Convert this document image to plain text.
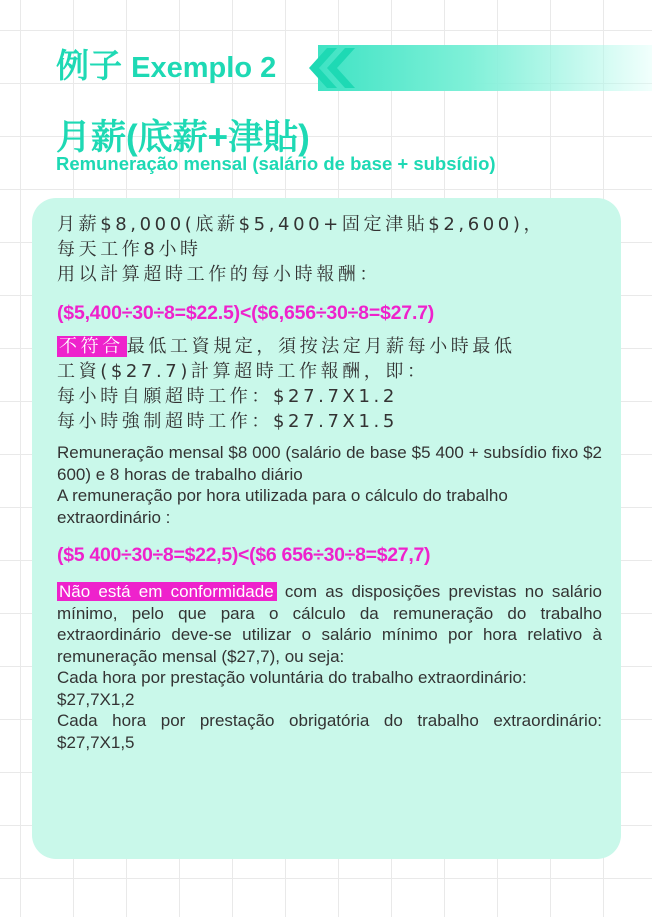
例子 Exemplo 2
月薪(底薪+津貼)
Remuneração mensal (salário de base + subsídio)
月薪$8,000(底薪$5,400+固定津貼$2,600)，
每天工作8小時
用以計算超時工作的每小時報酬：
($5,400÷30÷8=$22.5)<($6,656÷30÷8=$27.7)
不符合 最低工資規定，須按法定月薪每小時最低
工資($27.7)計算超時工作報酬，即：
每小時自願超時工作：$27.7X1.2
每小時強制超時工作：$27.7X1.5
Remuneração mensal $8 000 (salário de base $5 400 + subsídio fixo $2 600) e 8 horas de trabalho diário
A remuneração por hora utilizada para o cálculo do trabalho
extraordinário :
($5 400÷30÷8=$22,5)<($6 656÷30÷8=$27,7)
Não está em conformidade com as disposições previstas no salário mínimo, pelo que para o cálculo da remuneração do trabalho extraordinário deve-se utilizar o salário mínimo por hora relativo à remuneração mensal ($27,7), ou seja:
Cada hora por prestação voluntária do trabalho extraordinário:
$27,7X1,2
Cada hora por prestação obrigatória do trabalho extraordinário: $27,7X1,5
